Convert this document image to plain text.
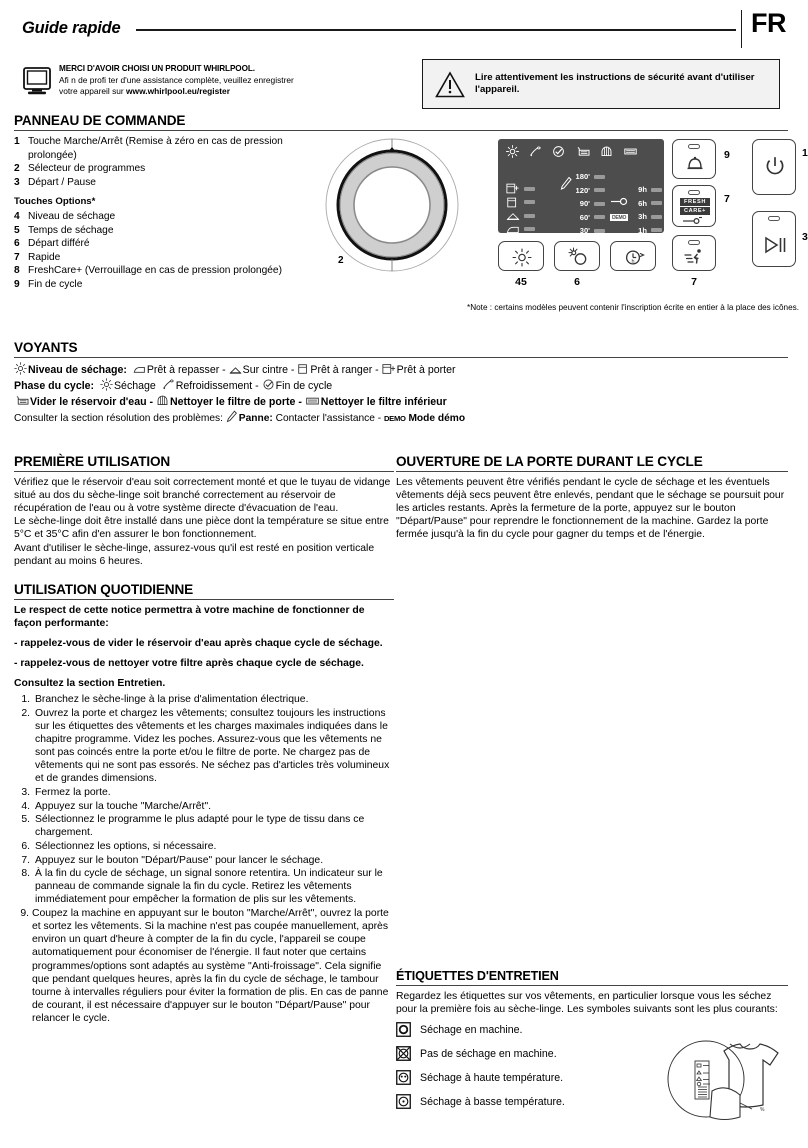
Guide rapide	FR
MERCI D'AVOIR CHOISI UN PRODUIT WHIRLPOOL.
Afi n de profi ter d'une assistance complète, veuillez enregistrer
votre appareil sur www.whirlpool.eu/register
Lire attentivement les instructions de sécurité avant d'utiliser l'appareil.
PANNEAU DE COMMANDE
1 Touche Marche/Arrêt (Remise à zéro en cas de pression prolongée)
2 Sélecteur de programmes
3 Départ / Pause
Touches Options*
4 Niveau de séchage
5 Temps de séchage
6 Départ différé
7 Rapide
8 FreshCare+ (Verrouillage en cas de pression prolongée)
9 Fin de cycle
2
180'
120'
90'
60'
30'
DEMO
9h
6h
3h
1h
9
FRESH
CARE+
7
1
3
h
45	6	7
*Note : certains modèles peuvent contenir l'inscription écrite en entier à la place des icônes.
VOYANTS
Niveau de séchage: Prêt à repasser - Sur cintre - Prêt à ranger - Prêt à porter
Phase du cycle: Séchage Refroidissement - Fin de cycle
Vider le réservoir d'eau - Nettoyer le filtre de porte - Nettoyer le filtre inférieur
Consulter la section résolution des problèmes: Panne: Contacter l'assistance - DEMO Mode démo
PREMIÈRE UTILISATION
Vérifiez que le réservoir d'eau soit correctement monté et que le tuyau de vidange situé au dos du sèche-linge soit branché correctement au réservoir de récupération de l'eau ou à votre système directe d'évacuation de l'eau.
Le sèche-linge doit être installé dans une pièce dont la température se situe entre 5°C et 35°C afin d'en assurer le bon fonctionnement.
Avant d'utiliser le sèche-linge, assurez-vous qu'il est resté en position verticale pendant au moins 6 heures.
UTILISATION QUOTIDIENNE
Le respect de cette notice permettra à votre machine de fonctionner de façon performante:
- rappelez-vous de vider le réservoir d'eau après chaque cycle de séchage.
- rappelez-vous de nettoyer votre filtre après chaque cycle de séchage.
Consultez la section Entretien.
1. Branchez le sèche-linge à la prise d'alimentation électrique.
2. Ouvrez la porte et chargez les vêtements; consultez toujours les instructions sur les étiquettes des vêtements et les charges maximales indiquées dans le chapitre programme. Videz les poches. Assurez-vous que les vêtements ne sont pas coincés entre la porte et/ou le filtre de porte. Ne chargez pas de vêtements qui ne sont pas essorés. Ne séchez pas d'articles très volumineux et de grandes dimensions.
3. Fermez la porte.
4. Appuyez sur la touche "Marche/Arrêt".
5. Sélectionnez le programme le plus adapté pour le type de tissu dans ce chargement.
6. Sélectionnez les options, si nécessaire.
7. Appuyez sur le bouton "Départ/Pause" pour lancer le séchage.
8. À la fin du cycle de séchage, un signal sonore retentira. Un indicateur sur le panneau de commande signale la fin du cycle. Retirez les vêtements immédiatement pour empêcher la formation de plis sur les vêtements.
9. Coupez la machine en appuyant sur le bouton "Marche/Arrêt", ouvrez la porte et sortez les vêtements. Si la machine n'est pas coupée manuellement, après environ un quart d'heure à compter de la fin du cycle, l'appareil se coupe automatiquement pour économiser de l'énergie. Il faut noter que certains programmes/options sont adaptés au système "Anti-froissage". Cela signifie que pendant quelques heures, après la fin du cycle de séchage, le tambour tourne à intervalles réguliers pour éviter la formation de plis. En cas de panne de courant, il est nécessaire d'appuyer sur le bouton "Départ/Pause" pour relancer le cycle.
OUVERTURE DE LA PORTE DURANT LE CYCLE
Les vêtements peuvent être vérifiés pendant le cycle de séchage et les éventuels vêtements déjà secs peuvent être enlevés, pendant que le séchage se poursuit pour les articles restants. Après la fermeture de la porte, appuyez sur le bouton "Départ/Pause" pour reprendre le fonctionnement de la machine. Gardez la porte fermée jusqu'à la fin du cycle pour gagner du temps et de l'énergie.
ÉTIQUETTES D'ENTRETIEN
Regardez les étiquettes sur vos vêtements, en particulier lorsque vous les séchez pour la première fois au sèche-linge. Les symboles suivants sont les plus courants:
Séchage en machine.
Pas de séchage en machine.
Séchage à haute température.
Séchage à basse température.
%
